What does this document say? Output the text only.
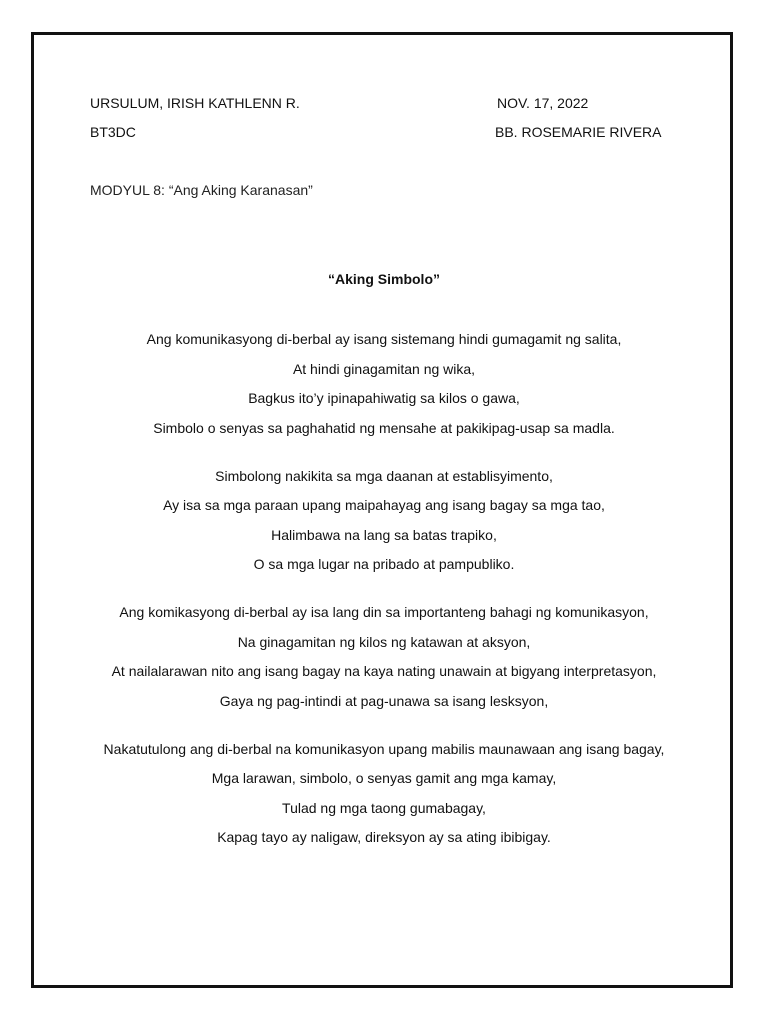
URSULUM, IRISH KATHLENN R.	NOV. 17, 2022
BT3DC	BB. ROSEMARIE RIVERA
MODYUL 8: “Ang Aking Karanasan”
“Aking Simbolo”
Ang komunikasyong di-berbal ay isang sistemang hindi gumagamit ng salita,
At hindi ginagamitan ng wika,
Bagkus ito’y ipinapahiwatig sa kilos o gawa,
Simbolo o senyas sa paghahatid ng mensahe at pakikipag-usap sa madla.
Simbolong nakikita sa mga daanan at establisyimento,
Ay isa sa mga paraan upang maipahayag ang isang bagay sa mga tao,
Halimbawa na lang sa batas trapiko,
O sa mga lugar na pribado at pampubliko.
Ang komikasyong di-berbal ay isa lang din sa importanteng bahagi ng komunikasyon,
Na ginagamitan ng kilos ng katawan at aksyon,
At nailalarawan nito ang isang bagay na kaya nating unawain at bigyang interpretasyon,
Gaya ng pag-intindi at pag-unawa sa isang lesksyon,
Nakatutulong ang di-berbal na komunikasyon upang mabilis maunawaan ang isang bagay,
Mga larawan, simbolo, o senyas gamit ang mga kamay,
Tulad ng mga taong gumabagay,
Kapag tayo ay naligaw, direksyon ay sa ating ibibigay.
